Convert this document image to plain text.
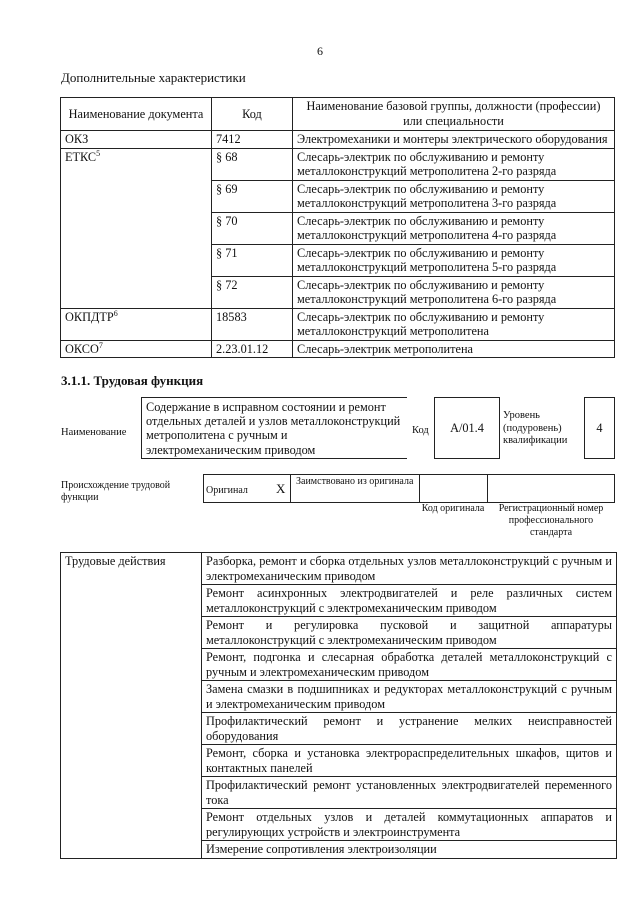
6
Дополнительные характеристики
Наименование документа	Код	Наименование базовой группы, должности (профессии) или специальности
ОКЗ	7412	Электромеханики и монтеры электрического оборудования
ЕТКС$^5$	§ 68	Слесарь-электрик по обслуживанию и ремонту металлоконструкций метрополитена 2-го разряда
	§ 69	Слесарь-электрик по обслуживанию и ремонту металлоконструкций метрополитена 3-го разряда
	§ 70	Слесарь-электрик по обслуживанию и ремонту металлоконструкций метрополитена 4-го разряда
	§ 71	Слесарь-электрик по обслуживанию и ремонту металлоконструкций метрополитена 5-го разряда
	§ 72	Слесарь-электрик по обслуживанию и ремонту металлоконструкций метрополитена 6-го разряда
ОКПДТР$^6$	18583	Слесарь-электрик по обслуживанию и ремонту металлоконструкций метрополитена
ОКСО$^7$	2.23.01.12	Слесарь-электрик метрополитена
3.1.1. Трудовая функция
Наименование
Содержание в исправном состоянии и ремонт отдельных деталей и узлов металлоконструкций метрополитена с ручным и электромеханическим приводом
Код	A/01.4
Уровень (подуровень) квалификации
4
Происхождение трудовой функции
Оригинал X Заимствовано из оригинала
Код оригинала	Регистрационный номер профессионального стандарта
Трудовые действия	Разборка, ремонт и сборка отдельных узлов металлоконструкций с ручным и электромеханическим приводом
Ремонт асинхронных электродвигателей и реле различных систем металлоконструкций с электромеханическим приводом
Ремонт и регулировка пусковой и защитной аппаратуры металлоконструкций с электромеханическим приводом
Ремонт, подгонка и слесарная обработка деталей металлоконструкций с ручным и электромеханическим приводом
Замена смазки в подшипниках и редукторах металлоконструкций с ручным и электромеханическим приводом
Профилактический ремонт и устранение мелких неисправностей оборудования
Ремонт, сборка и установка электрораспределительных шкафов, щитов и контактных панелей
Профилактический ремонт установленных электродвигателей переменного тока
Ремонт отдельных узлов и деталей коммутационных аппаратов и регулирующих устройств и электроинструмента
Измерение сопротивления электроизоляции
